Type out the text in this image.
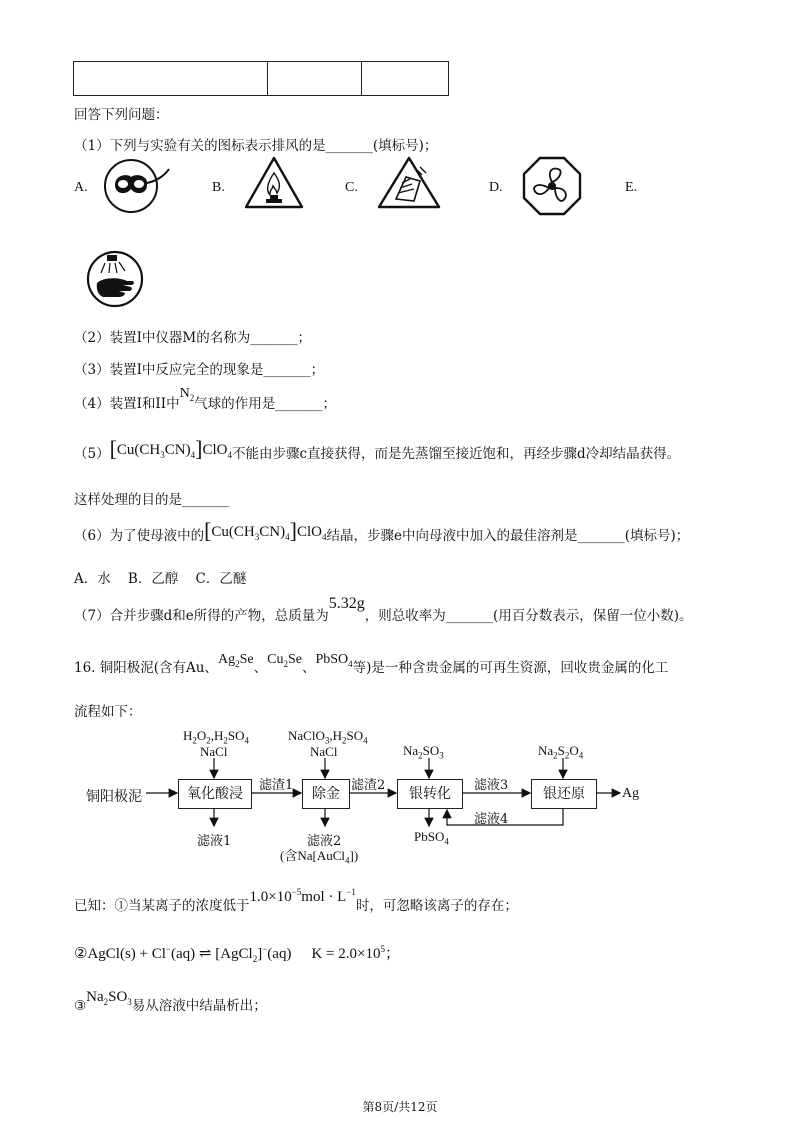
回答下列问题：
（1）下列与实验有关的图标表示排风的是_______(填标号)；
A.	B.	C.	D.	E.
（2）装置I中仪器M的名称为_______；
（3）装置I中反应完全的现象是_______；
（4）装置I和II中$N_2$气球的作用是_______；
$(5)[Cu(CH_3CN)_4]ClO_4$不能由步骤c直接获得，而是先蒸馏至接近饱和，再经步骤d冷却结晶获得。
这样处理的目的是_______
（6）为了使母液中的$[Cu(CH_3CN)_4]ClO_4$结晶，步骤e中向母液中加入的最佳溶剂是_______(填标号)；
A．水    B．乙醇    C．乙醚
（7）合并步骤d和e所得的产物，总质量为5.32g，则总收率为_______(用百分数表示，保留一位小数)。
16. 铜阳极泥(含有Au、$Ag_2Se$、$Cu_2Se$、PbSO$_4$等)是一种含贵金属的可再生资源，回收贵金属的化工
流程如下：
$H_2O_2,H_2SO_4$
NaCl
$NaClO_3,H_2SO_4$
NaCl	$Na_2SO_3$	$Na_2S_2O_4$
铜阳极泥	氧化酸浸	除金	银转化	银还原
滤渣1	滤渣2	滤液3
滤液4
滤液1	滤液2
(含Na[AuCl$_4$])
PbSO$_4$
Ag
已知：①当某离子的浓度低于$1.0\times 10^{-5}mol \cdot L^{-1}$时，可忽略该离子的存在；
②AgCl(s) + Cl−(aq) ⇌ [AgCl$_2$]−(aq) $K = 2.0\times 10^5$；
$③Na_2SO_3$易从溶液中结晶析出；
第8页/共12页
